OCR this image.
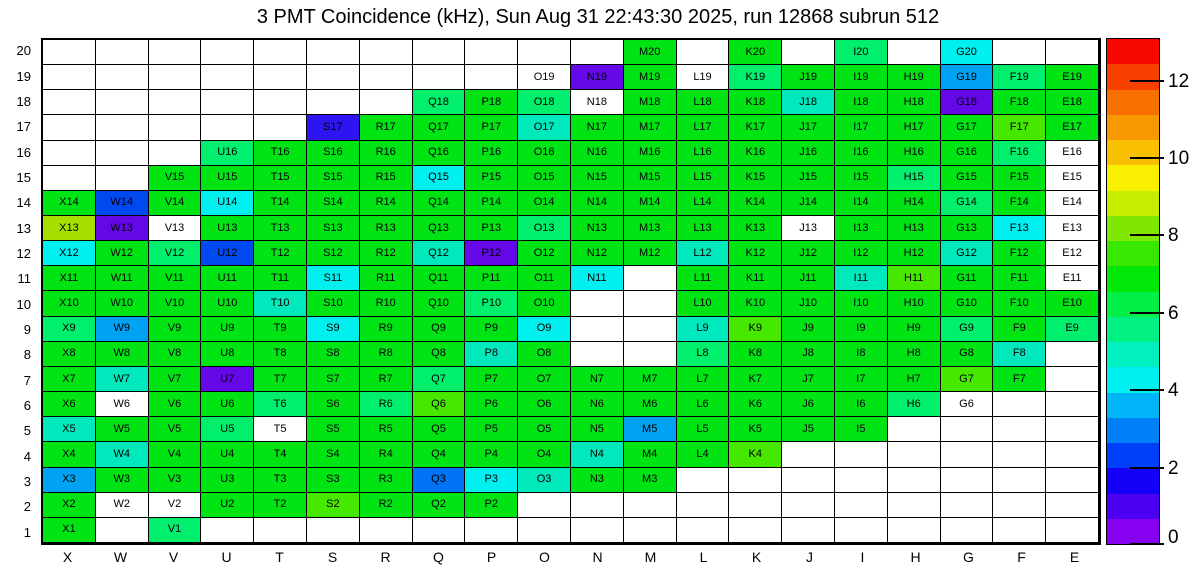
3 PMT Coincidence (kHz), Sun Aug 31 22:43:30 2025, run 12868 subrun 512
20
19
18
17
16
15
14
13
12
11
10
9
8
7
6
5
4
3
2
1
M20	K20	I20	G20
O19	N19	M19	L19	K19	J19	I19	H19	G19	F19	E19
Q18	P18	O18	N18	M18	L18	K18	J18	I18	H18	G18	F18	E18
S17	R17	Q17	P17	O17	N17	M17	L17	K17	J17	I17	H17	G17	F17	E17
U16	T16	S16	R16	Q16	P16	O16	N16	M16	L16	K16	J16	I16	H16	G16	F16	E16
V15	U15	T15	S15	R15	Q15	P15	O15	N15	M15	L15	K15	J15	I15	H15	G15	F15	E15
X14	W14	V14	U14	T14	S14	R14	Q14	P14	O14	N14	M14	L14	K14	J14	I14	H14	G14	F14	E14
X13	W13	V13	U13	T13	S13	R13	Q13	P13	O13	N13	M13	L13	K13	J13	I13	H13	G13	F13	E13
X12	W12	V12	U12	T12	S12	R12	Q12	P12	O12	N12	M12	L12	K12	J12	I12	H12	G12	F12	E12
X11	W11	V11	U11	T11	S11	R11	Q11	P11	O11	N11	L11	K11	J11	I11	H11	G11	F11	E11
X10	W10	V10	U10	T10	S10	R10	Q10	P10	O10	L10	K10	J10	I10	H10	G10	F10	E10
X9	W9	V9	U9	T9	S9	R9	Q9	P9	O9	L9	K9	J9	I9	H9	G9	F9	E9
X8	W8	V8	U8	T8	S8	R8	Q8	P8	O8	L8	K8	J8	I8	H8	G8	F8
X7	W7	V7	U7	T7	S7	R7	Q7	P7	O7	N7	M7	L7	K7	J7	I7	H7	G7	F7
X6	W6	V6	U6	T6	S6	R6	Q6	P6	O6	N6	M6	L6	K6	J6	I6	H6	G6
X5	W5	V5	U5	T5	S5	R5	Q5	P5	O5	N5	M5	L5	K5	J5	I5
X4	W4	V4	U4	T4	S4	R4	Q4	P4	O4	N4	M4	L4	K4
X3	W3	V3	U3	T3	S3	R3	Q3	P3	O3	N3	M3
X2	W2	V2	U2	T2	S2	R2	Q2	P2
X1	V1
X	W	V	U	T	S	R	Q	P	O	N	M	L	K	J	I	H	G	F	E
0
2
4
6
8
10
12
